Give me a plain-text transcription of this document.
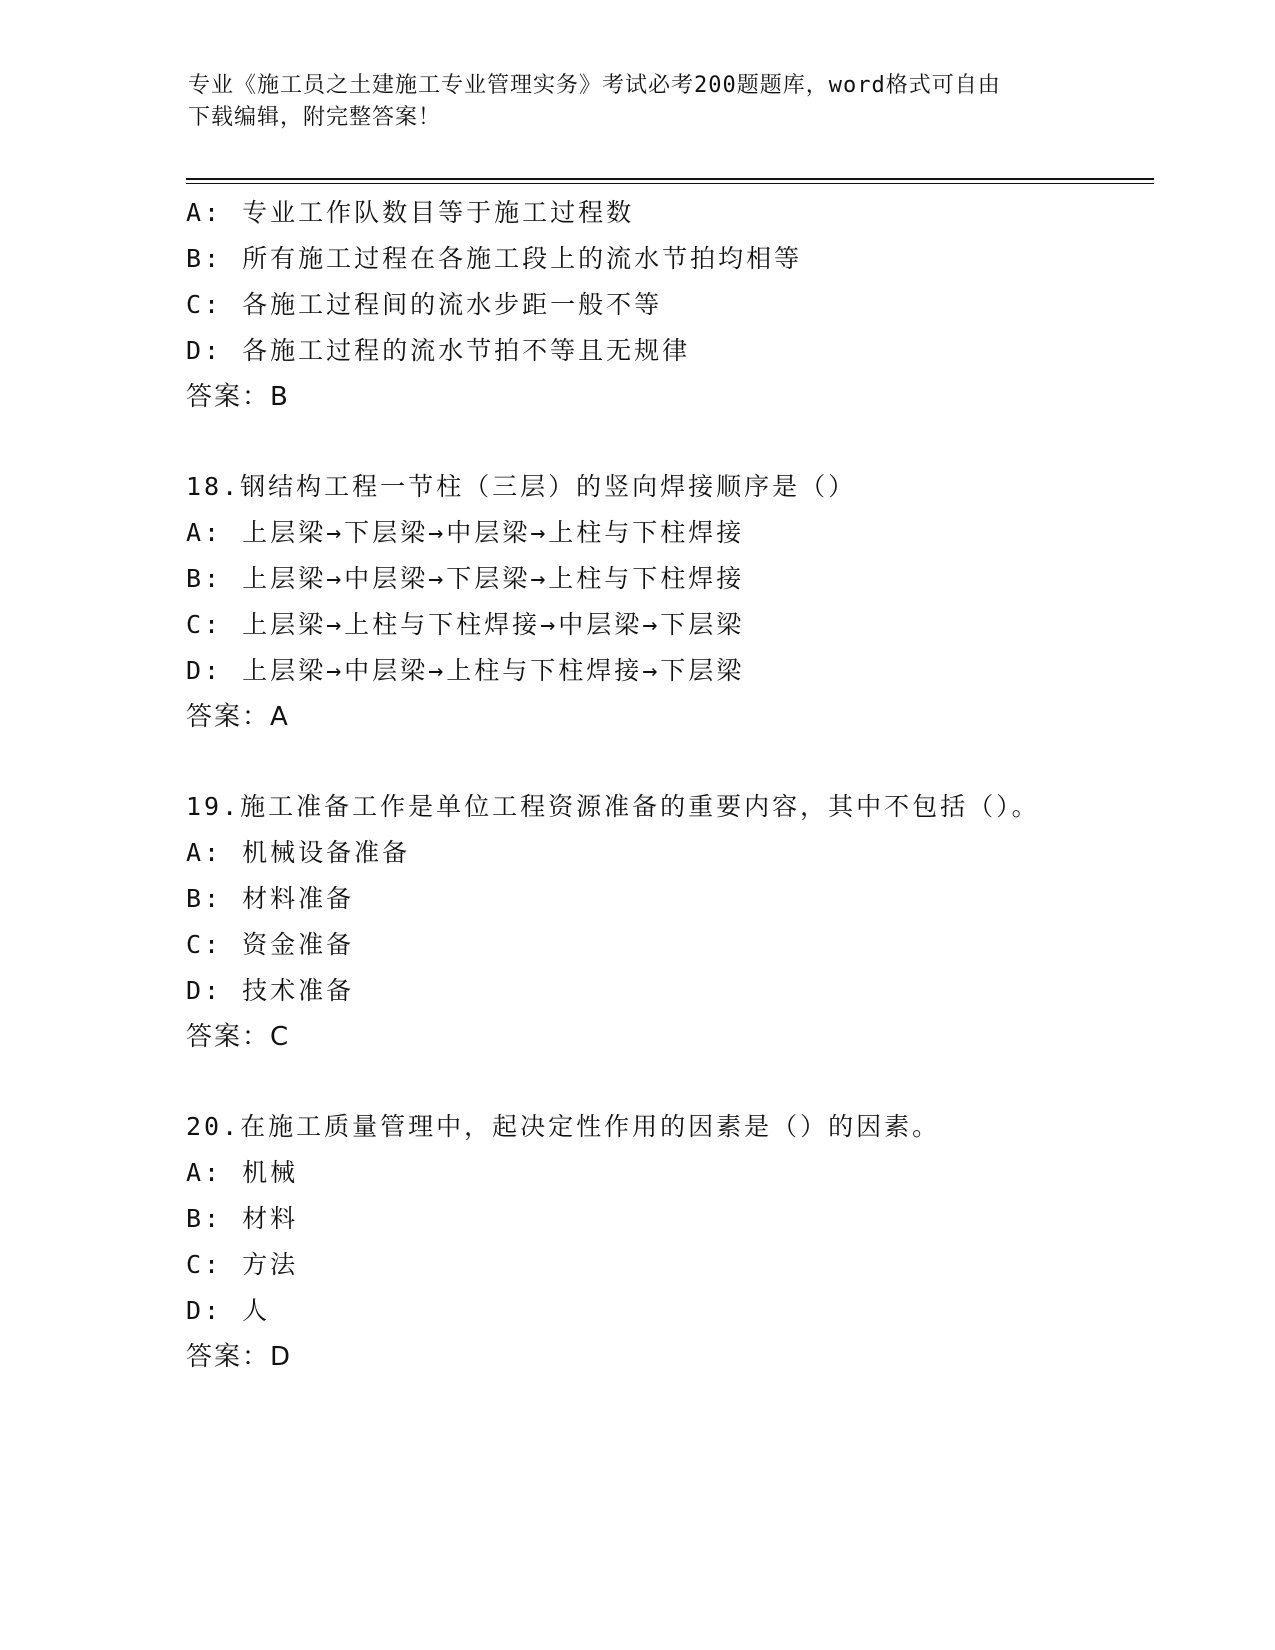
专业《施工员之土建施工专业管理实务》考试必考200题题库，word格式可自由
下载编辑，附完整答案！
A: 专业工作队数目等于施工过程数
B: 所有施工过程在各施工段上的流水节拍均相等
C: 各施工过程间的流水步距一般不等
D: 各施工过程的流水节拍不等且无规律
答案：B
18.钢结构工程一节柱（三层）的竖向焊接顺序是（）
A: 上层梁→下层梁→中层梁→上柱与下柱焊接
B: 上层梁→中层梁→下层梁→上柱与下柱焊接
C: 上层梁→上柱与下柱焊接→中层梁→下层梁
D: 上层梁→中层梁→上柱与下柱焊接→下层梁
答案：A
19.施工准备工作是单位工程资源准备的重要内容，其中不包括（）。
A: 机械设备准备
B: 材料准备
C: 资金准备
D: 技术准备
答案：C
20.在施工质量管理中，起决定性作用的因素是（）的因素。
A: 机械
B: 材料
C: 方法
D: 人
答案：D
